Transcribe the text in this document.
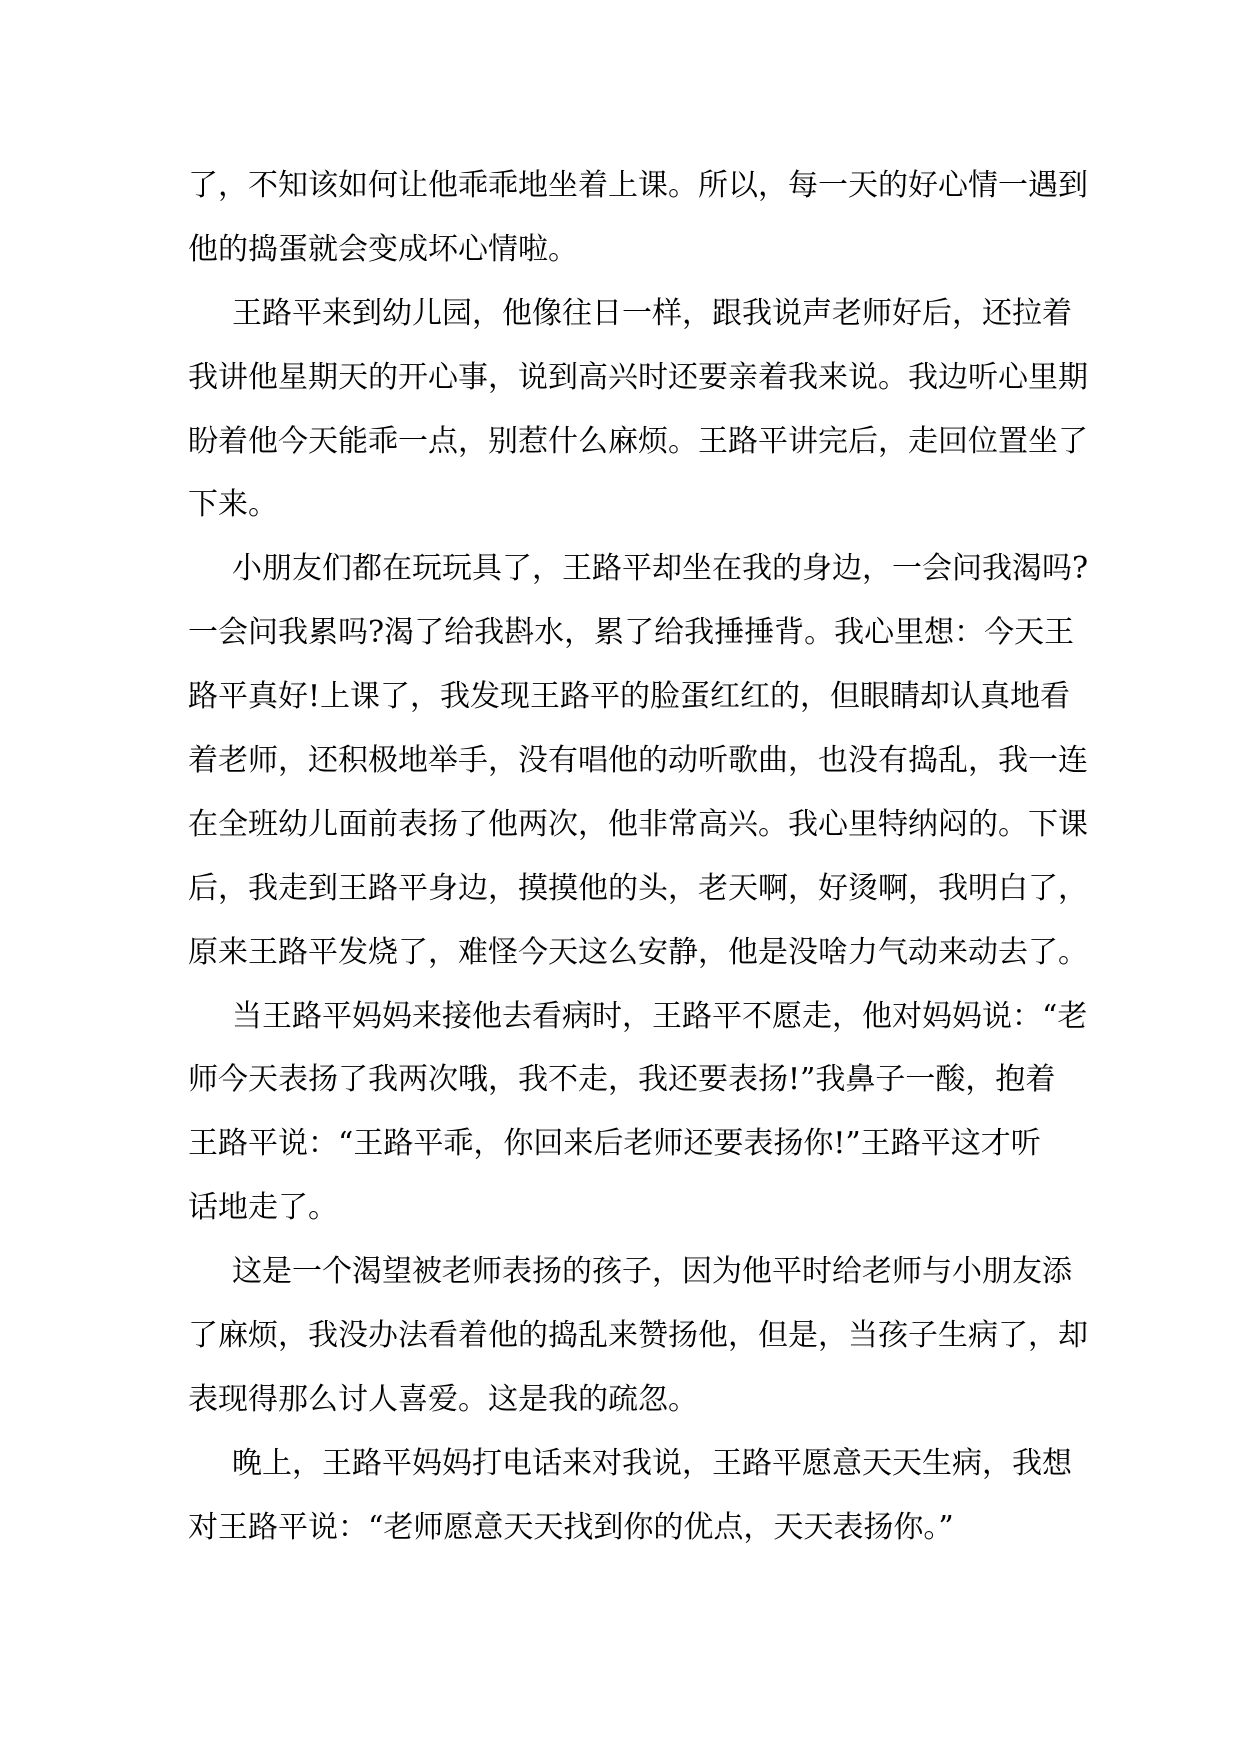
了，不知该如何让他乖乖地坐着上课。所以，每一天的好心情一遇到
他的捣蛋就会变成坏心情啦。
王路平来到幼儿园，他像往日一样，跟我说声老师好后，还拉着
我讲他星期天的开心事，说到高兴时还要亲着我来说。我边听心里期
盼着他今天能乖一点，别惹什么麻烦。王路平讲完后，走回位置坐了
下来。
小朋友们都在玩玩具了，王路平却坐在我的身边，一会问我渴吗?
一会问我累吗?渴了给我斟水，累了给我捶捶背。我心里想：今天王
路平真好!上课了，我发现王路平的脸蛋红红的，但眼睛却认真地看
着老师，还积极地举手，没有唱他的动听歌曲，也没有捣乱，我一连
在全班幼儿面前表扬了他两次，他非常高兴。我心里特纳闷的。下课
后，我走到王路平身边，摸摸他的头，老天啊，好烫啊，我明白了，
原来王路平发烧了，难怪今天这么安静，他是没啥力气动来动去了。
当王路平妈妈来接他去看病时，王路平不愿走，他对妈妈说：“老
师今天表扬了我两次哦，我不走，我还要表扬!”我鼻子一酸，抱着
王路平说：“王路平乖，你回来后老师还要表扬你!”王路平这才听
话地走了。
这是一个渴望被老师表扬的孩子，因为他平时给老师与小朋友添
了麻烦，我没办法看着他的捣乱来赞扬他，但是，当孩子生病了，却
表现得那么讨人喜爱。这是我的疏忽。
晚上，王路平妈妈打电话来对我说，王路平愿意天天生病，我想
对王路平说：“老师愿意天天找到你的优点，天天表扬你。”
